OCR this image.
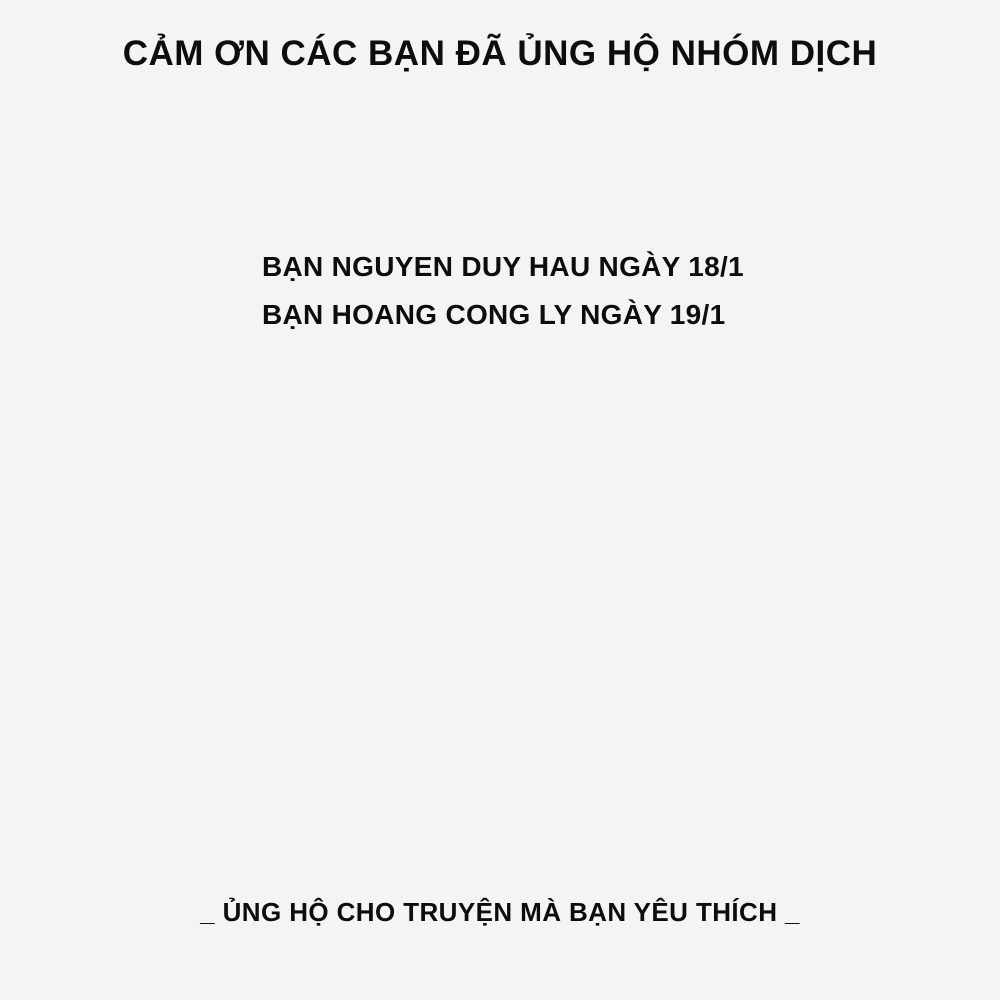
CẢM ƠN CÁC BẠN ĐÃ ỦNG HỘ NHÓM DỊCH
BẠN NGUYEN DUY HAU NGÀY 18/1
BẠN HOANG CONG LY NGÀY 19/1
_ ỦNG HỘ CHO TRUYỆN MÀ BẠN YÊU THÍCH _
